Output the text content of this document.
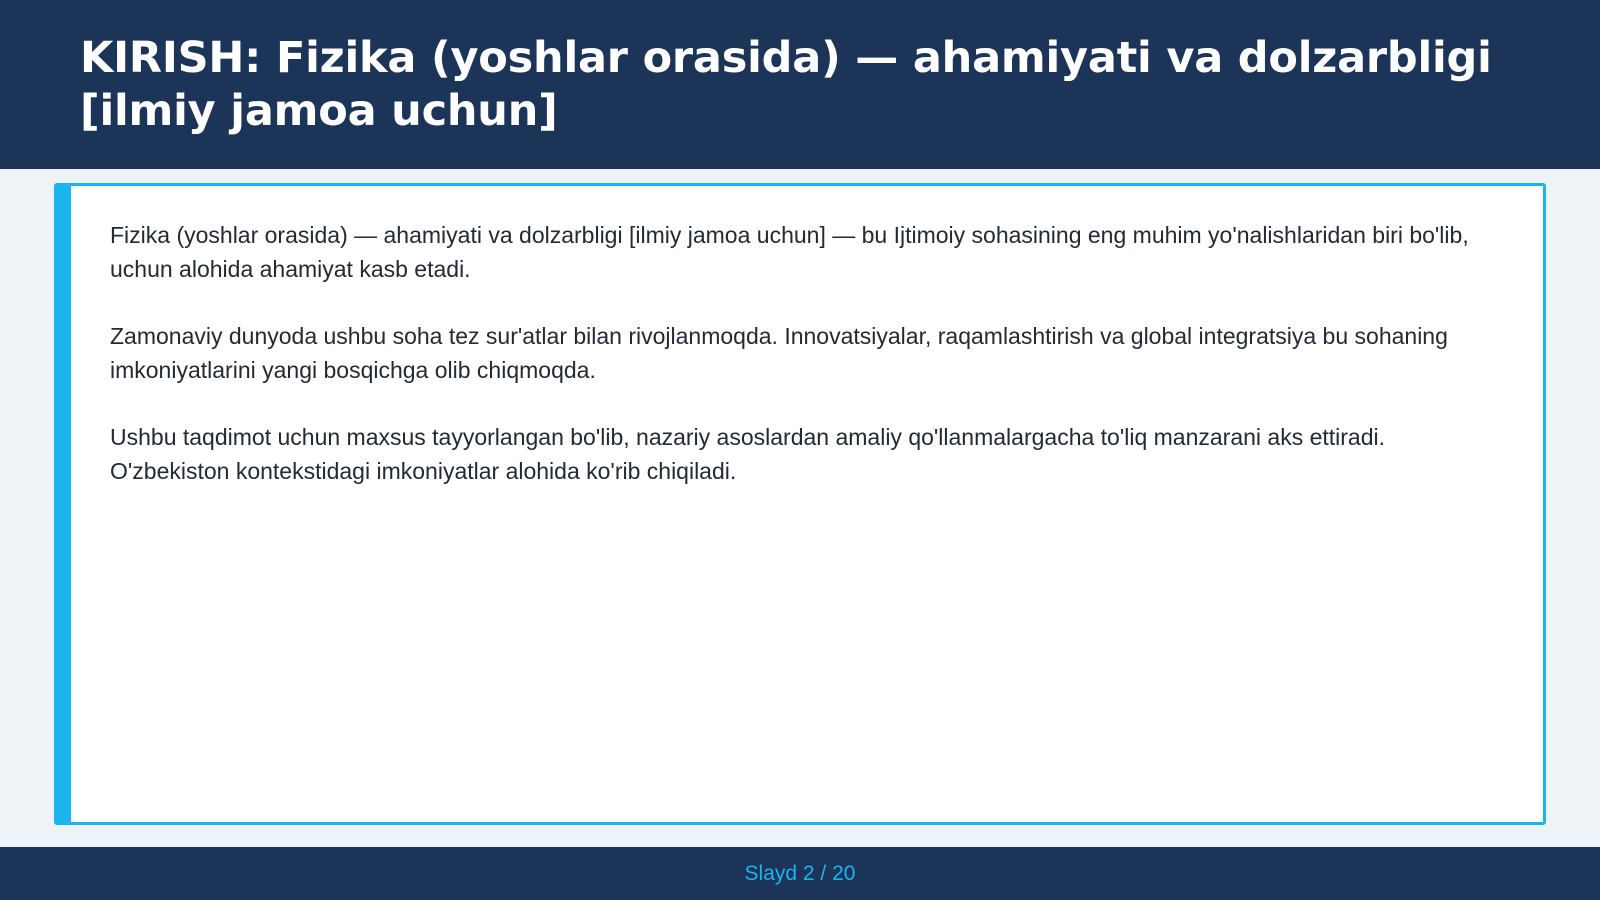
KIRISH: Fizika (yoshlar orasida) — ahamiyati va dolzarbligi [ilmiy jamoa uchun]

Fizika (yoshlar orasida) — ahamiyati va dolzarbligi [ilmiy jamoa uchun] — bu Ijtimoiy sohasining eng muhim yo'nalishlaridan biri bo'lib, uchun alohida ahamiyat kasb etadi.

Zamonaviy dunyoda ushbu soha tez sur'atlar bilan rivojlanmoqda. Innovatsiyalar, raqamlashtirish va global integratsiya bu sohaning imkoniyatlarini yangi bosqichga olib chiqmoqda.

Ushbu taqdimot uchun maxsus tayyorlangan bo'lib, nazariy asoslardan amaliy qo'llanmalargacha to'liq manzarani aks ettiradi. O'zbekiston kontekstidagi imkoniyatlar alohida ko'rib chiqiladi.

Slayd 2 / 20
